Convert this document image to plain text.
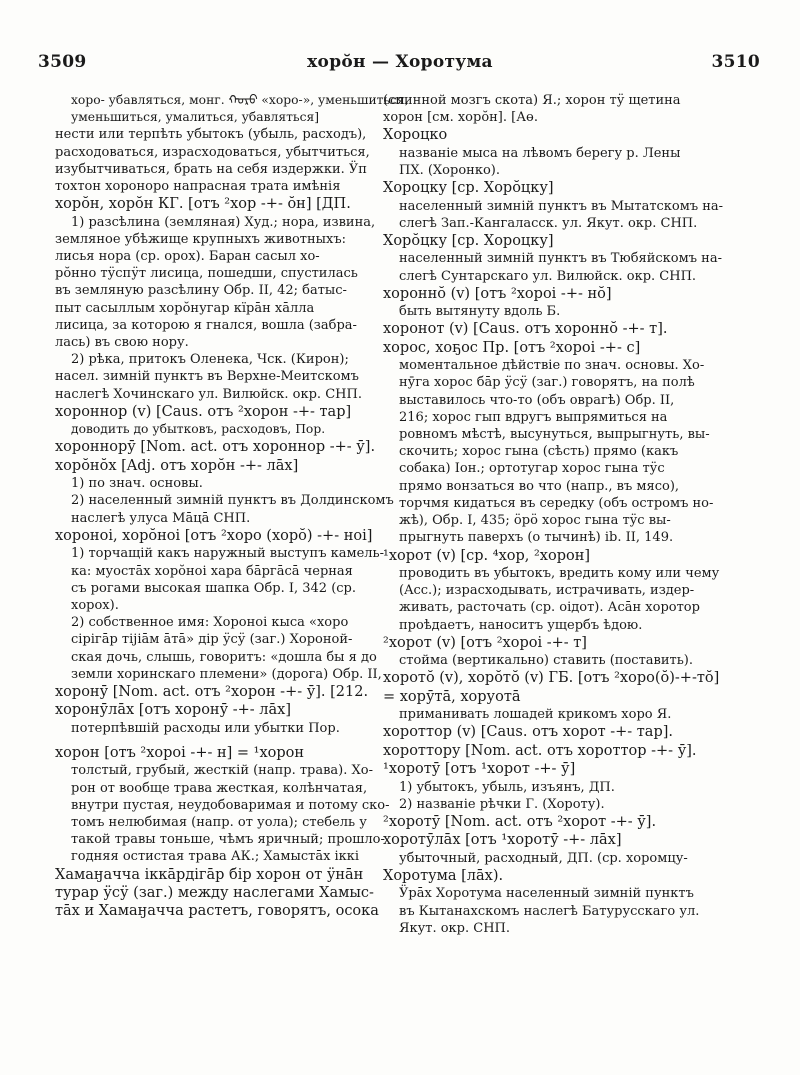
3509	хорŏн — Хоротума	3510
хоро- убавляться, монг. ᠬᠣᠷᠣ «хоро-», уменьшиться,
уменьшиться, умалиться, убавляться]
нести или терпѣть убытокъ (убыль, расходъ),
расходоваться, израсходоваться, убытчиться,
изубытчиваться, брать на себя издержки. Ӱп
тохтон хороноро напрасная трата имѣнія
хорŏн, хорŏн КГ. [отъ ²хор -+- ŏн] [ДП.
1) разсѣлина (земляная) Худ.; нора, извина,
земляное убѣжище крупныхъ животныхъ:
лисья нора (ср. орох). Баран сасыл хо-
рŏнно тӱспӱт лисица, пошедши, спустилась
въ земляную разсѣлину Обр. II, 42; батыс-
пыт сасыллым хорŏнугар кїрāн хāлла
лисица, за которою я гнался, вошла (забра-
лась) въ свою нору.
2) рѣка, притокъ Оленека, Чск. (Кирон);
насел. зимній пунктъ въ Верхне-Меитскомъ
наслегѣ Хочинскаго ул. Вилюйск. окр. СНП.
хороннор (v) [Caus. отъ ²хорон -+- тар]
доводить до убытковъ, расходовъ, Пор.
хороннорӯ [Nom. act. отъ хороннор -+- ӯ].
хорŏнŏх [Adj. отъ хорŏн -+- лāх]
1) по знач. основы.
2) населенный зимній пунктъ въ Долдинскомъ
наслегѣ улуса Мāцā СНП.
хороноі, хорŏноі [отъ ²хоро (хорŏ) -+- ноі]
1) торчащій какъ наружный выступъ камель-
ка: муостāх хорŏноі хара бāргāсā черная
съ рогами высокая шапка Обр. I, 342 (ср.
хорох).
2) собственное имя: Хороноі кыса «хоро
сірігāр тіјіāм āтā» дір ӱсӱ (заг.) Хороной-
ская дочь, слышь, говоритъ: «дошла бы я до
земли хоринскаго племени» (дорога) Обр. II,
хоронӯ [Nom. act. отъ ²хорон -+- ӯ]. [212.
хоронӯлāх [отъ хоронӯ -+- лāх]
потерпѣвшій расходы или убытки Пор.
хорон [отъ ²хороі -+- н] = ¹хорон
толстый, грубый, жесткій (напр. трава). Хо-
рон от вообще трава жесткая, колѣнчатая,
внутри пустая, неудобоваримая и потому ско-
томъ нелюбимая (напр. от уола); стебель у
такой травы тоньше, чѣмъ яричный; прошло-
годняя остистая трава АК.; Хамыстāх іккі
Хамаӈачча іккāрдігāр бір хорон от ӱнāн
турар ӱсӱ (заг.) между наслегами Хамыс-
тāх и Хамаӈачча растетъ, говорятъ, осока
(спинной мозгъ скота) Я.; хорон тӱ щетина
хорон [см. хорŏн]. [Аө.
Хороцко
названіе мыса на лѣвомъ берегу р. Лены
ПХ. (Хоронко).
Хороцку [ср. Хорŏцку]
населенный зимній пунктъ въ Мытатскомъ на-
слегѣ Зап.-Кангаласск. ул. Якут. окр. СНП.
Хорŏцку [ср. Хороцку]
населенный зимній пунктъ въ Тюбяйскомъ на-
слегѣ Сунтарскаго ул. Вилюйск. окр. СНП.
хороннŏ (v) [отъ ²хороі -+- нŏ]
быть вытянуту вдоль Б.
хоронот (v) [Caus. отъ хороннŏ -+- т].
хорос, хоҕос Пр. [отъ ²хороі -+- с]
моментальное дѣйствіе по знач. основы. Хо-
нӯга хорос бāр ӱсӱ (заг.) говорятъ, на полѣ
выставилось что-то (объ оврагѣ) Обр. II,
216; хорос гып вдругъ выпрямиться на
ровномъ мѣстѣ, высунуться, выпрыгнуть, вы-
скочить; хорос гына (сѣсть) прямо (какъ
собака) Іон.; ортотугар хорос гына тӱс
прямо вонзаться во что (напр., въ мясо),
торчмя кидаться въ середку (объ остромъ но-
жѣ), Обр. I, 435; ӧрӧ хорос гына тӱс вы-
прыгнуть паверхъ (о тычинѣ) ib. II, 149.
¹хорот (v) [ср. ⁴хор, ²хорон]
проводить въ убытокъ, вредить кому или чему
(Acc.); израсходывать, истрачивать, издер-
живать, расточать (ср. оідот). Асāн хоротор
проѣдаетъ, наноситъ ущербъ ѣдою.
²хорот (v) [отъ ²хороі -+- т]
стойма (вертикально) ставить (поставить).
хоротŏ (v), хорŏтŏ (v) ГБ. [отъ ²хоро(ŏ)-+-тŏ]
= хорӯтā, хоруотā
приманивать лошадей крикомъ хоро Я.
хороттор (v) [Caus. отъ хорот -+- тар].
хороттору [Nom. act. отъ хороттор -+- ӯ].
¹хоротӯ [отъ ¹хорот -+- ӯ]
1) убытокъ, убыль, изъянъ, ДП.
2) названіе рѣчки Г. (Хороту).
²хоротӯ [Nom. act. отъ ²хорот -+- ӯ].
хоротӯлāх [отъ ¹хоротӯ -+- лāх]
убыточный, расходный, ДП. (ср. хоромцу-
Хоротума [лāх).
Ӱрāх Хоротума населенный зимній пунктъ
въ Кытанахскомъ наслегѣ Батурусскаго ул.
Якут. окр. СНП.
